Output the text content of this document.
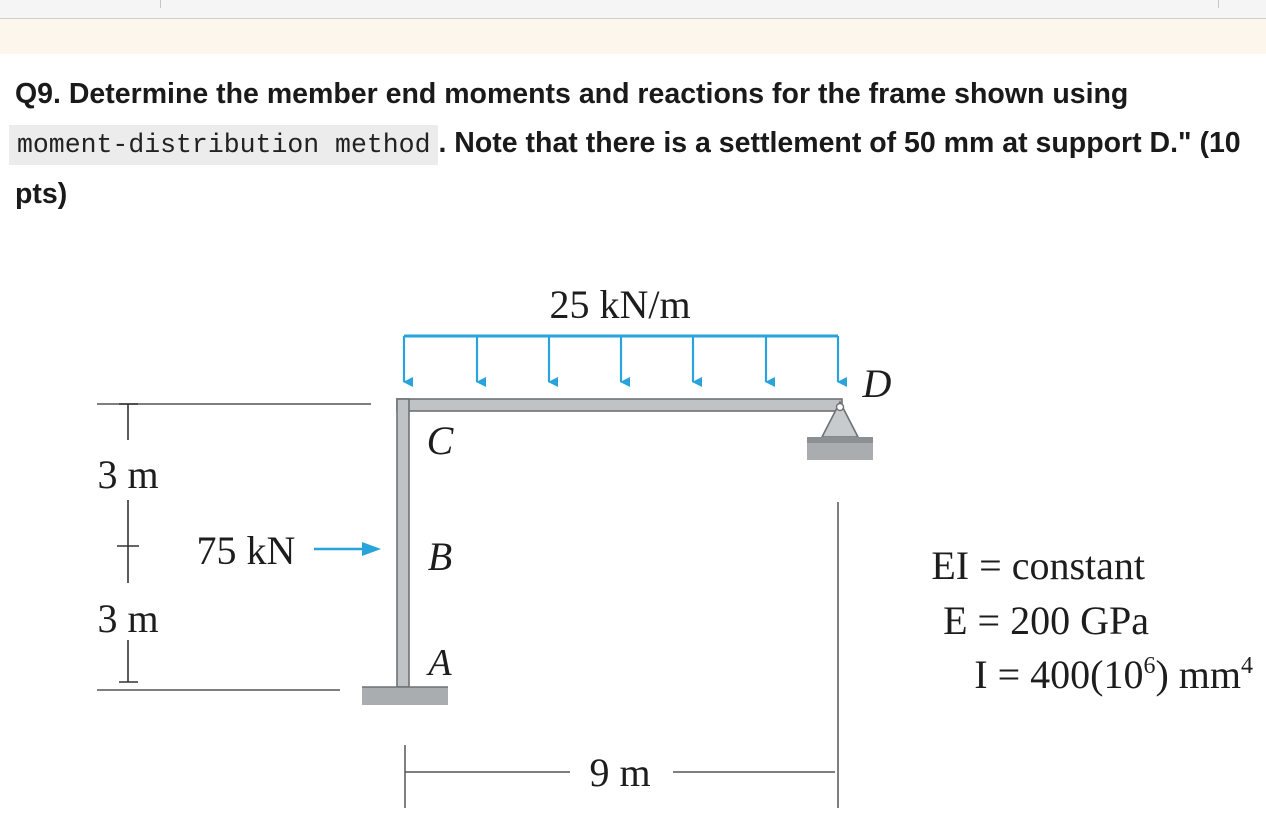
Q9. Determine the member end moments and reactions for the frame shown using
moment-distribution method . Note that there is a settlement of 50 mm at support D." (10 pts)

25 kN/m
C
B
A
D
75 kN
3 m
3 m
9 m
EI = constant
E = 200 GPa
$I = 400(10^6)$ $mm^4$
